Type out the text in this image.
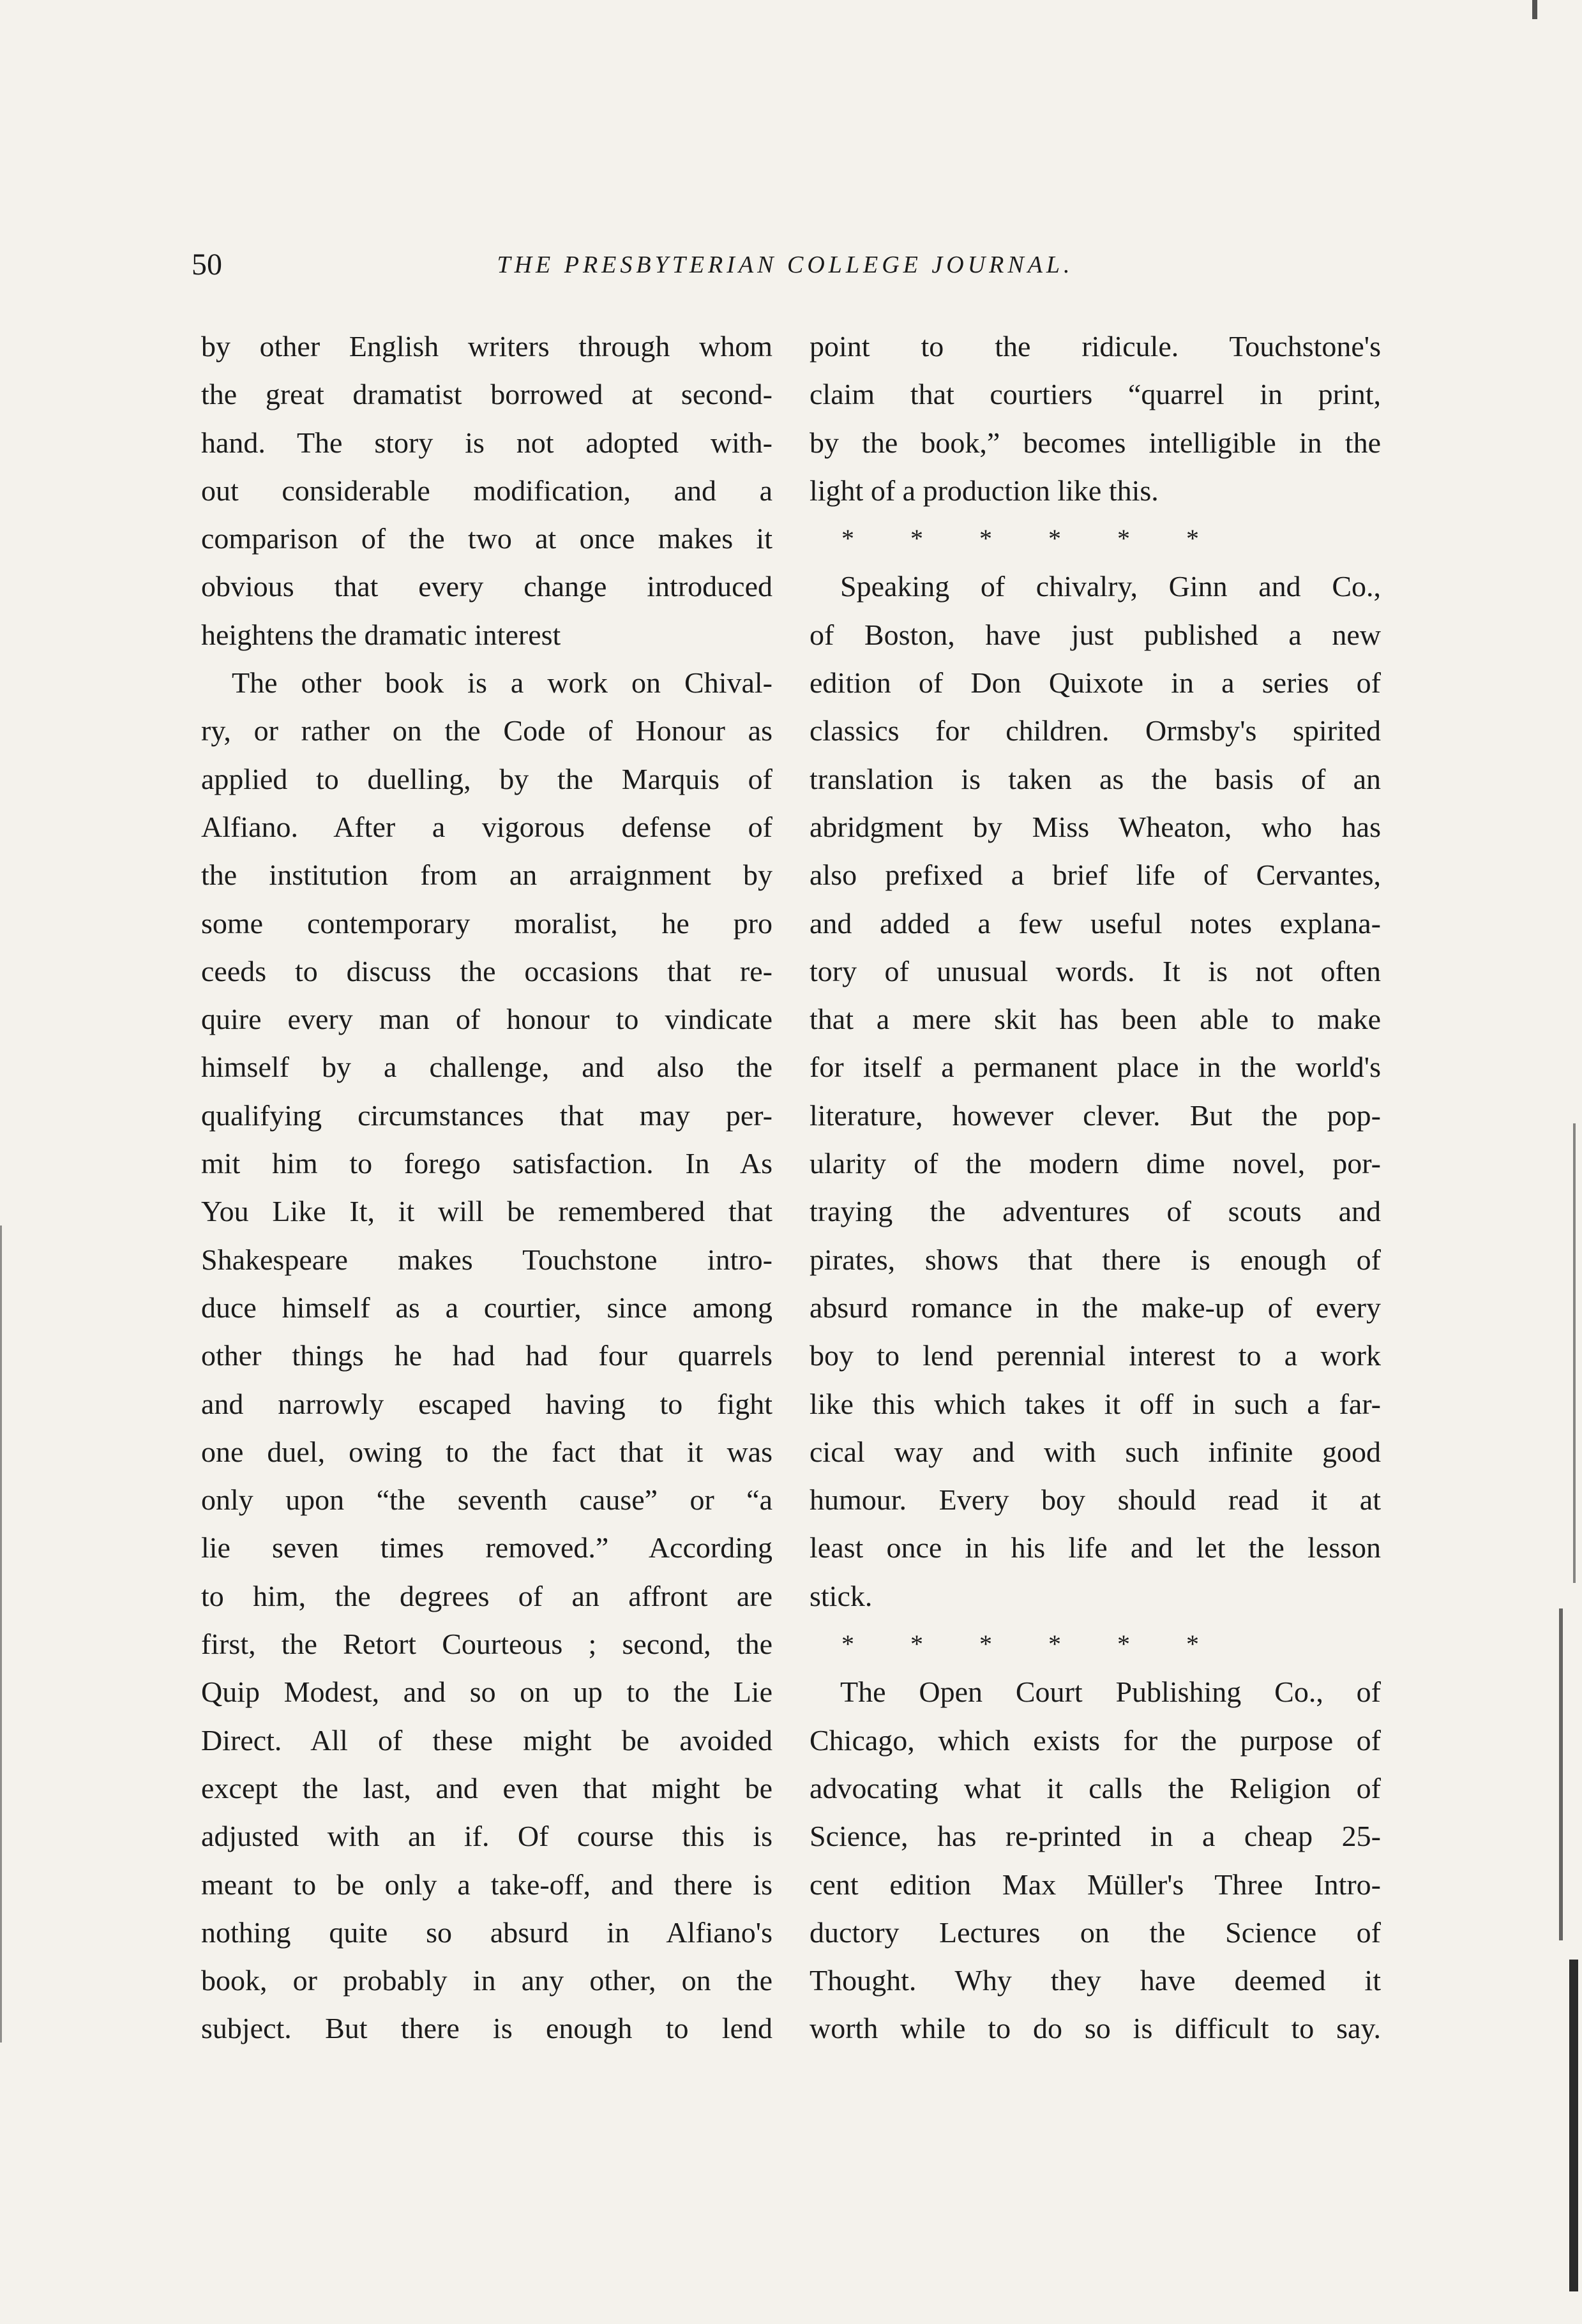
50	THE PRESBYTERIAN COLLEGE JOURNAL.
by other English writers through whom
the great dramatist borrowed at second-
hand. The story is not adopted with-
out considerable modification, and a
comparison of the two at once makes it
obvious that every change introduced
heightens the dramatic interest
The other book is a work on Chival-
ry, or rather on the Code of Honour as
applied to duelling, by the Marquis of
Alfiano. After a vigorous defense of
the institution from an arraignment by
some contemporary moralist, he pro
ceeds to discuss the occasions that re-
quire every man of honour to vindicate
himself by a challenge, and also the
qualifying circumstances that may per-
mit him to forego satisfaction. In As
You Like It, it will be remembered that
Shakespeare makes Touchstone intro-
duce himself as a courtier, since among
other things he had had four quarrels
and narrowly escaped having to fight
one duel, owing to the fact that it was
only upon “the seventh cause” or “a
lie seven times removed.” According
to him, the degrees of an affront are
first, the Retort Courteous ; second, the
Quip Modest, and so on up to the Lie
Direct. All of these might be avoided
except the last, and even that might be
adjusted with an if. Of course this is
meant to be only a take-off, and there is
nothing quite so absurd in Alfiano's
book, or probably in any other, on the
subject. But there is enough to lend
point to the ridicule. Touchstone's
claim that courtiers “quarrel in print,
by the book,” becomes intelligible in the
light of a production like this.
* * * * * *
Speaking of chivalry, Ginn and Co.,
of Boston, have just published a new
edition of Don Quixote in a series of
classics for children. Ormsby's spirited
translation is taken as the basis of an
abridgment by Miss Wheaton, who has
also prefixed a brief life of Cervantes,
and added a few useful notes explana-
tory of unusual words. It is not often
that a mere skit has been able to make
for itself a permanent place in the world's
literature, however clever. But the pop-
ularity of the modern dime novel, por-
traying the adventures of scouts and
pirates, shows that there is enough of
absurd romance in the make-up of every
boy to lend perennial interest to a work
like this which takes it off in such a far-
cical way and with such infinite good
humour. Every boy should read it at
least once in his life and let the lesson
stick.
* * * * * *
The Open Court Publishing Co., of
Chicago, which exists for the purpose of
advocating what it calls the Religion of
Science, has re-printed in a cheap 25-
cent edition Max Müller's Three Intro-
ductory Lectures on the Science of
Thought. Why they have deemed it
worth while to do so is difficult to say.
